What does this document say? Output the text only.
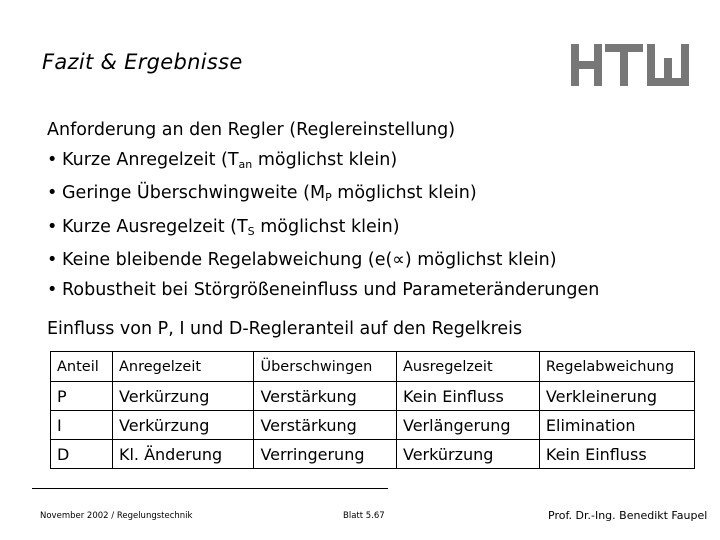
Fazit & Ergebnisse
Anforderung an den Regler (Reglereinstellung)
• Kurze Anregelzeit ($T_{an}$ möglichst klein)
• Geringe Überschwingweite ($M_P$ möglichst klein)
• Kurze Ausregelzeit ($T_S$ möglichst klein)
• Keine bleibende Regelabweichung (e(∝) möglichst klein)
• Robustheit bei Störgrößeneinfluss und Parameteränderungen
Einfluss von P, I und D-Regleranteil auf den Regelkreis
Anteil	Anregelzeit	Überschwingen	Ausregelzeit	Regelabweichung
P	Verkürzung	Verstärkung	Kein Einfluss	Verkleinerung
I	Verkürzung	Verstärkung	Verlängerung	Elimination
D	Kl. Änderung	Verringerung	Verkürzung	Kein Einfluss
November 2002 / Regelungstechnik	Blatt 5.67	Prof. Dr.-Ing. Benedikt Faupel
